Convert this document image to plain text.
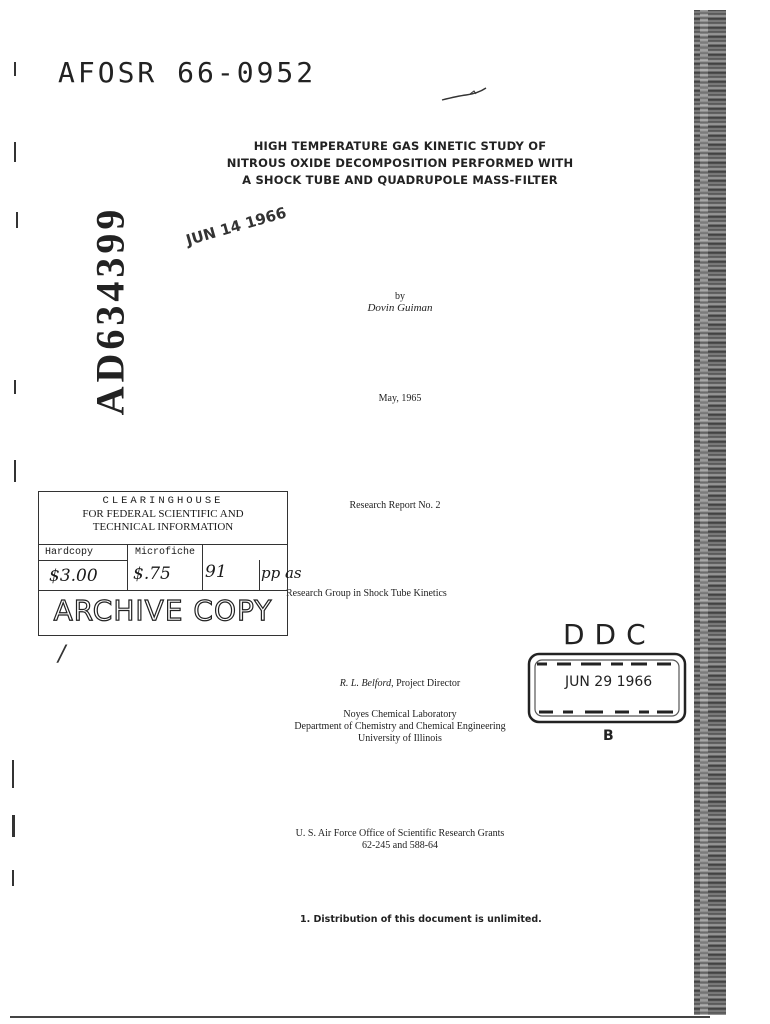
AFOSR 66-0952
HIGH TEMPERATURE GAS KINETIC STUDY OF
NITROUS OXIDE DECOMPOSITION PERFORMED WITH
A SHOCK TUBE AND QUADRUPOLE MASS-FILTER
AD634399	JUN 14 1966
by
Dovin Guiman
May, 1965
Research Report No. 2
Research Group in Shock Tube Kinetics
R. L. Belford, Project Director
Noyes Chemical Laboratory
Department of Chemistry and Chemical Engineering
University of Illinois
U. S. Air Force Office of Scientific Research Grants
62-245 and 588-64
1. Distribution of this document is unlimited.
CLEARINGHOUSE
FOR FEDERAL SCIENTIFIC AND
TECHNICAL INFORMATION
Hardcopy	Microfiche
$3.00 $.75 91 pp as
ARCHIVE COPY
/
DDC
JUN 29 1966
B
